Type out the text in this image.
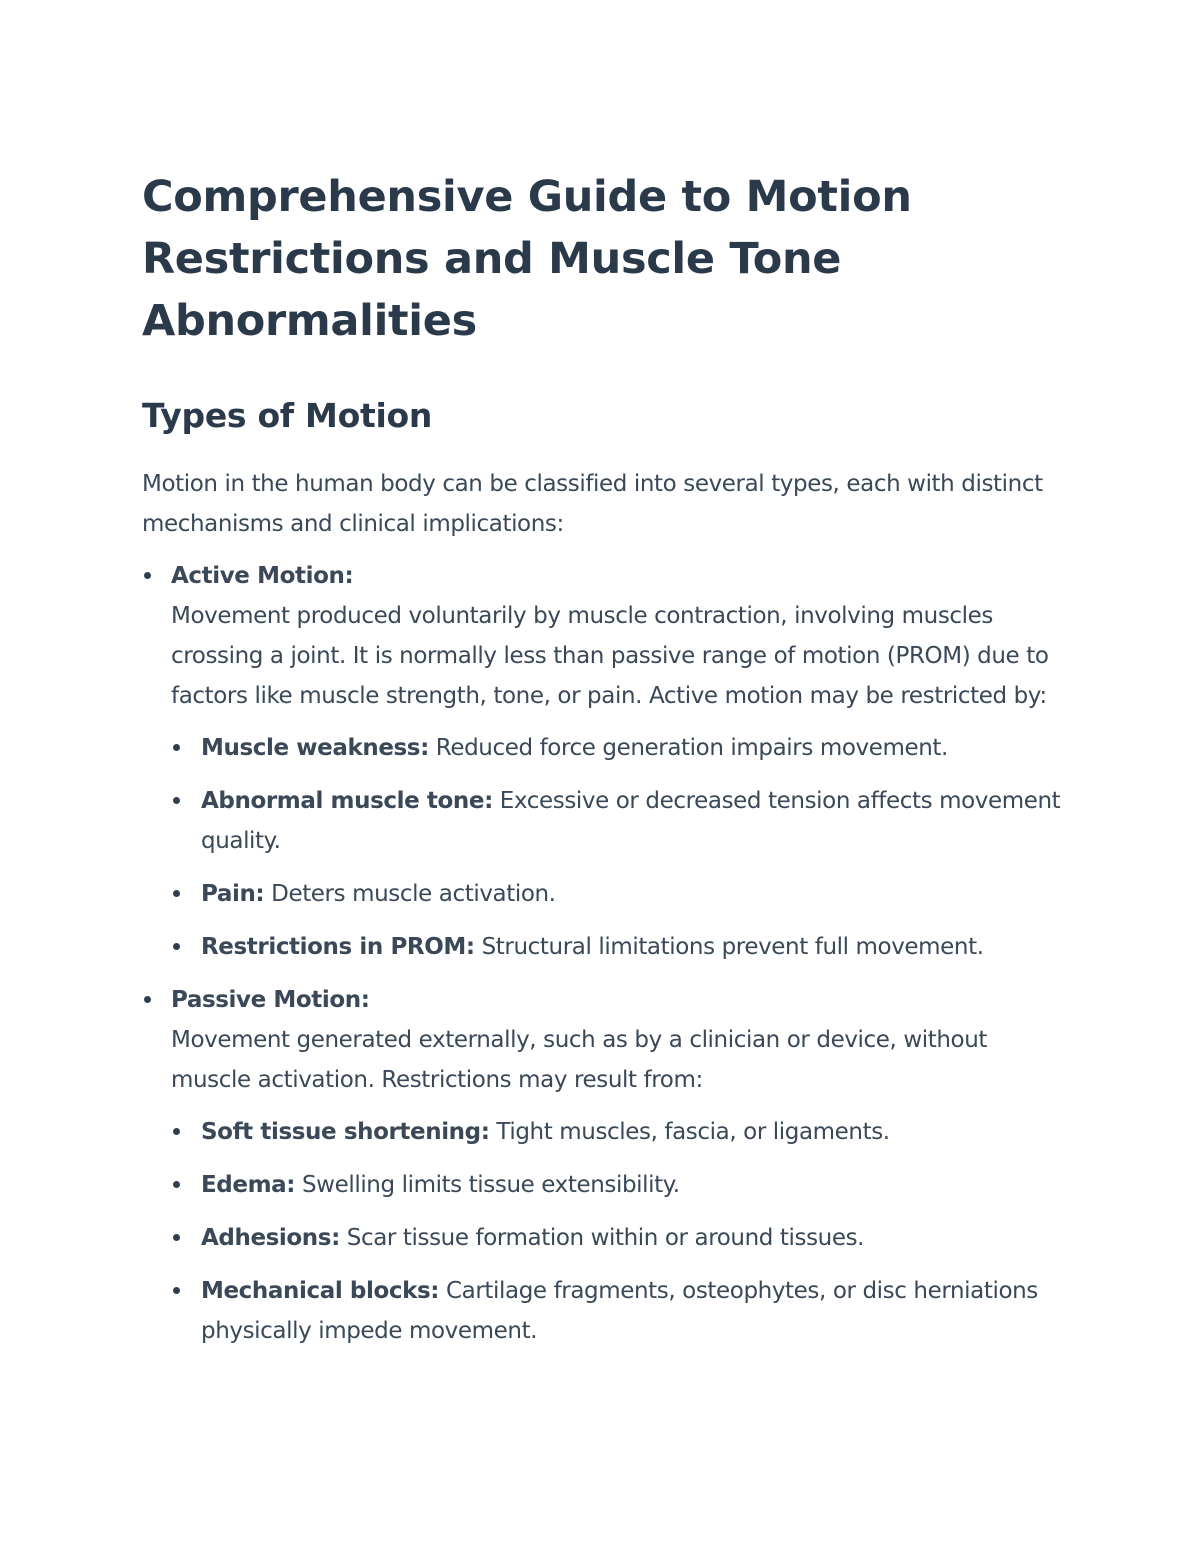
Comprehensive Guide to Motion Restrictions and Muscle Tone Abnormalities
Types of Motion

Motion in the human body can be classified into several types, each with distinct mechanisms and clinical implications:

Active Motion:
Movement produced voluntarily by muscle contraction, involving muscles crossing a joint. It is normally less than passive range of motion (PROM) due to factors like muscle strength, tone, or pain. Active motion may be restricted by:
Muscle weakness: Reduced force generation impairs movement.
Abnormal muscle tone: Excessive or decreased tension affects movement quality.
Pain: Deters muscle activation.
Restrictions in PROM: Structural limitations prevent full movement.
Passive Motion:
Movement generated externally, such as by a clinician or device, without muscle activation. Restrictions may result from:
Soft tissue shortening: Tight muscles, fascia, or ligaments.
Edema: Swelling limits tissue extensibility.
Adhesions: Scar tissue formation within or around tissues.
Mechanical blocks: Cartilage fragments, osteophytes, or disc herniations physically impede movement.
